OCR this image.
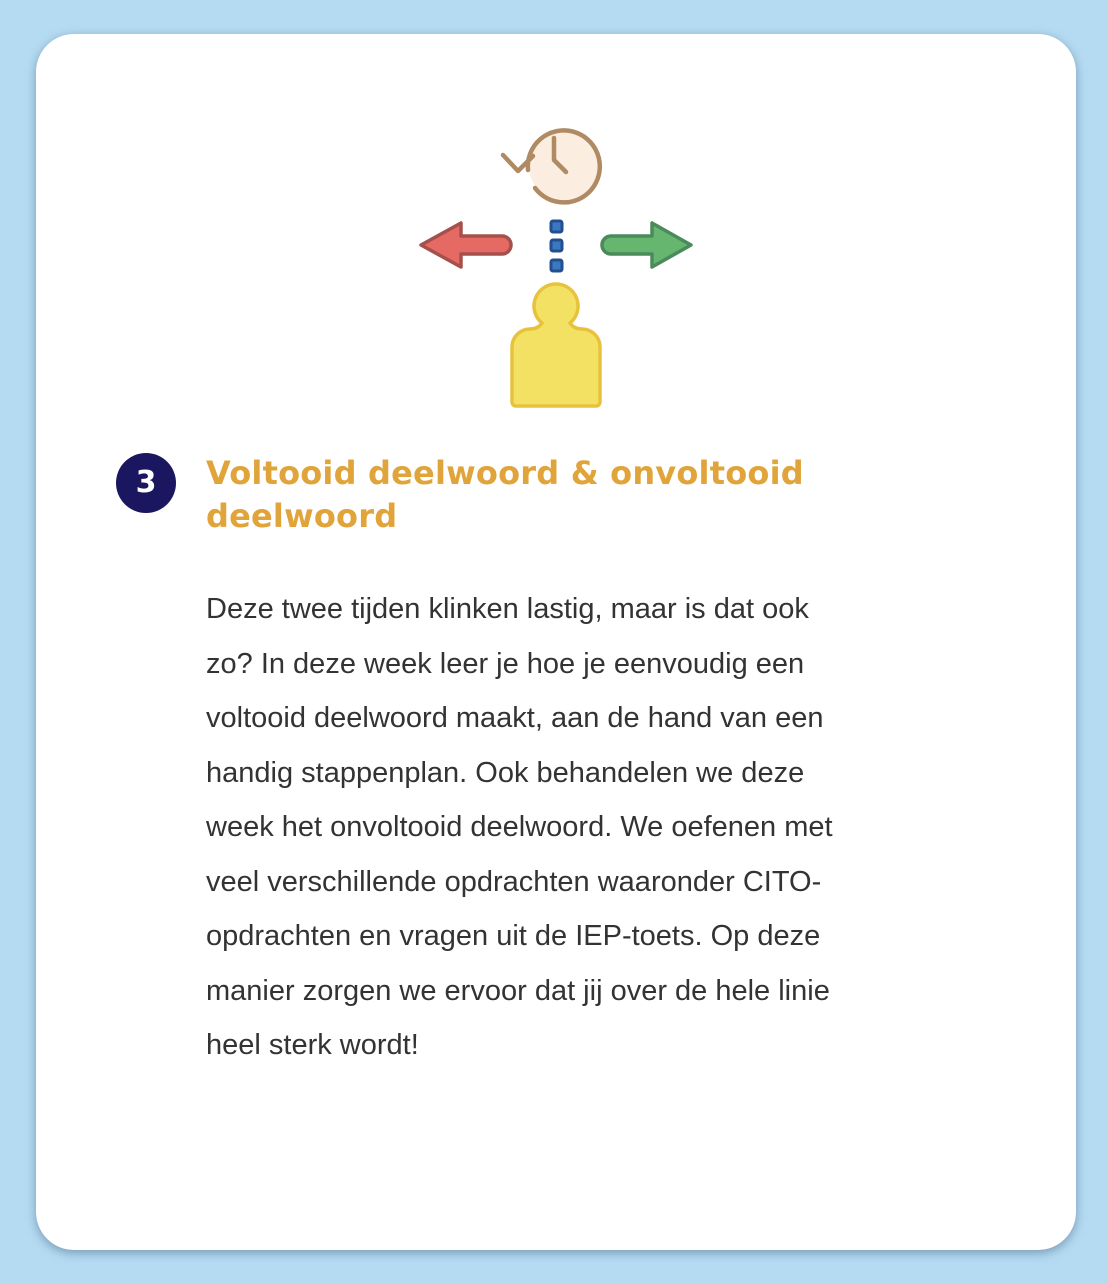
3	Voltooid deelwoord & onvoltooid
deelwoord

Deze twee tijden klinken lastig, maar is dat ook
zo? In deze week leer je hoe je eenvoudig een
voltooid deelwoord maakt, aan de hand van een
handig stappenplan. Ook behandelen we deze
week het onvoltooid deelwoord. We oefenen met
veel verschillende opdrachten waaronder CITO-
opdrachten en vragen uit de IEP-toets. Op deze
manier zorgen we ervoor dat jij over de hele linie
heel sterk wordt!
